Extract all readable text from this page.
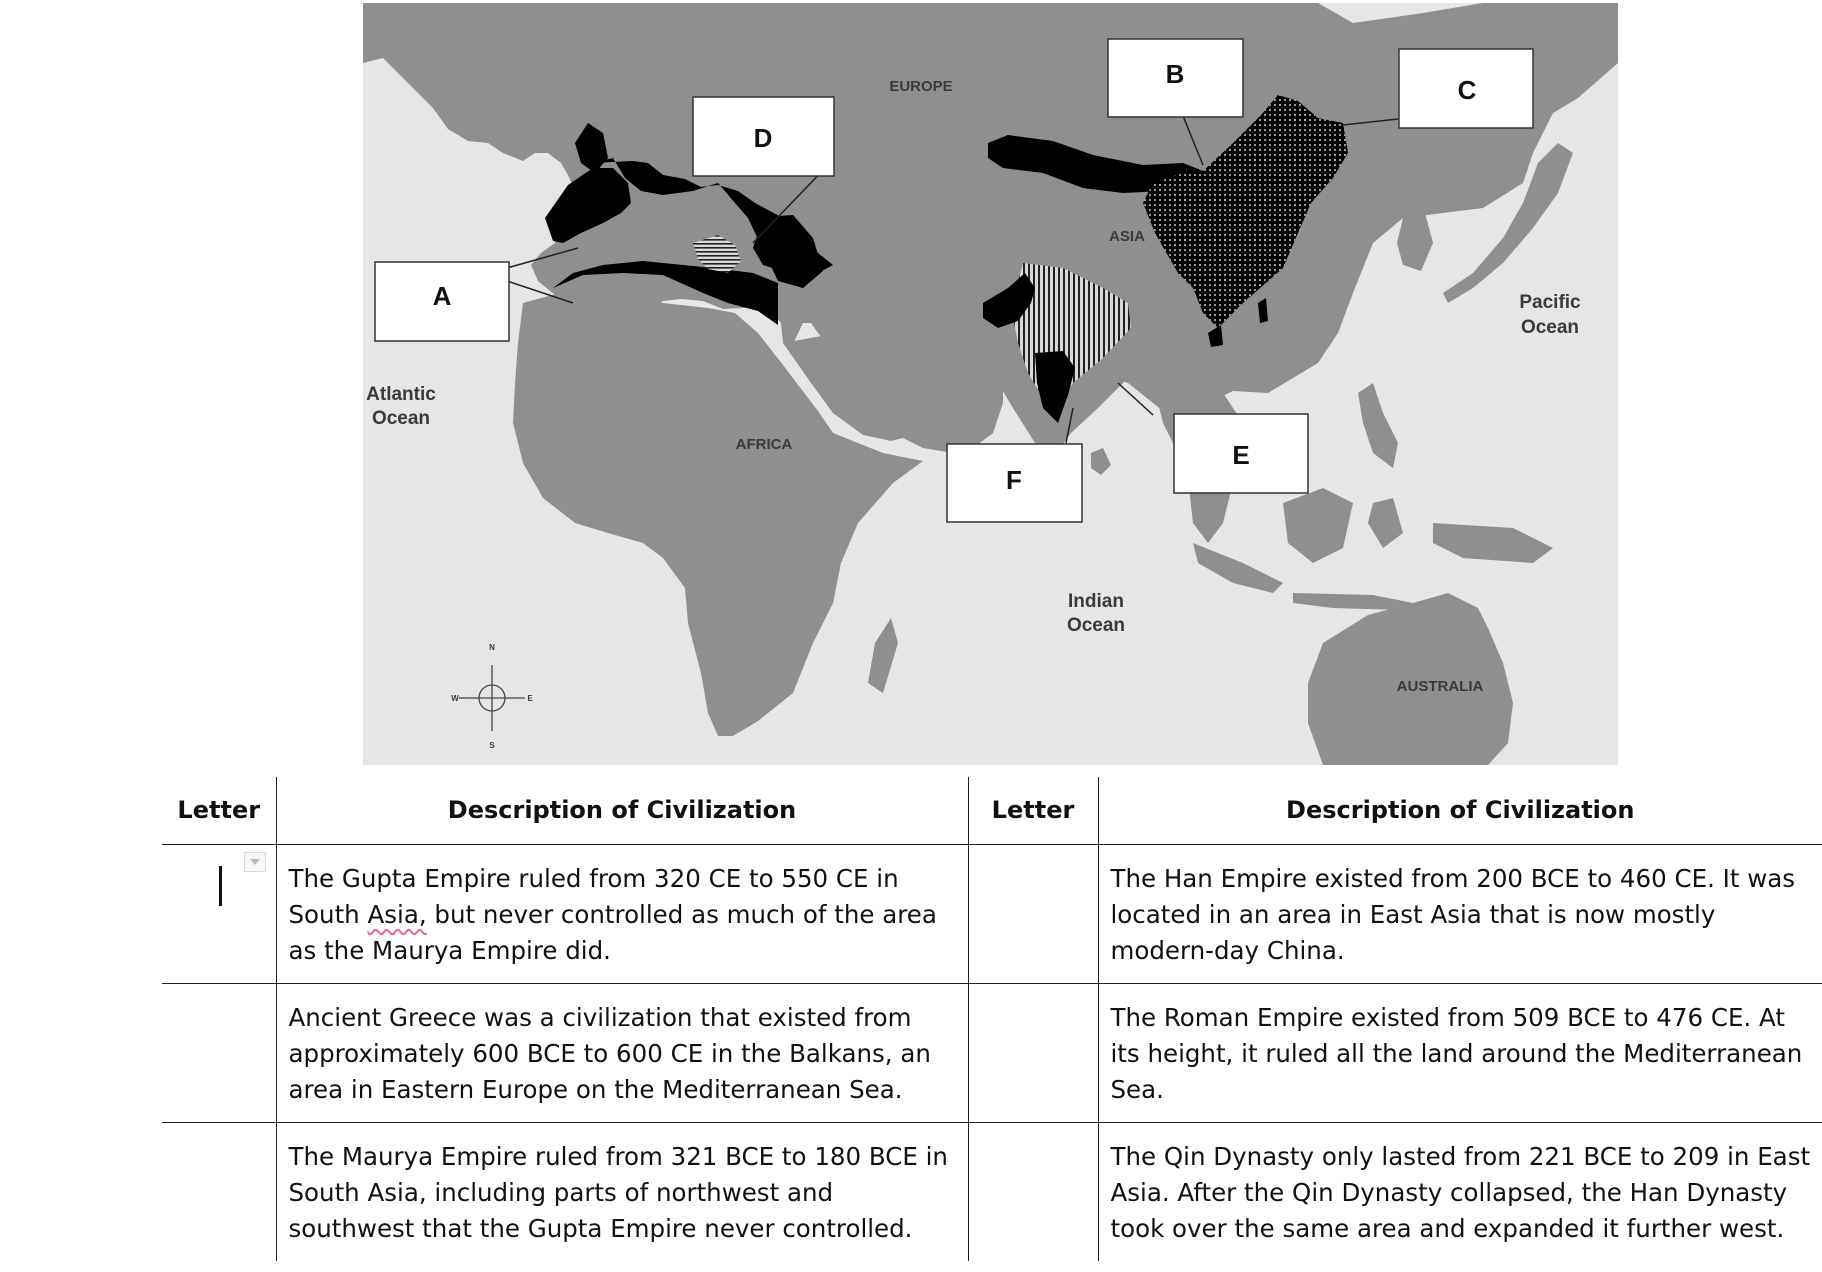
A
B
C
D
E
F
EUROPE
ASIA
AFRICA
AUSTRALIA
Atlantic
Ocean
Pacific
Ocean
Indian
Ocean
N
S
W	E
Letter	Description of Civilization	Letter	Description of Civilization

	The Gupta Empire ruled from 320 CE to 550 CE in South Asia, but never controlled as much of the area as the Maurya Empire did.		The Han Empire existed from 200 BCE to 460 CE. It was located in an area in East Asia that is now mostly modern-day China.
	Ancient Greece was a civilization that existed from approximately 600 BCE to 600 CE in the Balkans, an area in Eastern Europe on the Mediterranean Sea.		The Roman Empire existed from 509 BCE to 476 CE. At its height, it ruled all the land around the Mediterranean Sea.
	The Maurya Empire ruled from 321 BCE to 180 BCE in South Asia, including parts of northwest and southwest that the Gupta Empire never controlled.		The Qin Dynasty only lasted from 221 BCE to 209 in East Asia. After the Qin Dynasty collapsed, the Han Dynasty took over the same area and expanded it further west.
